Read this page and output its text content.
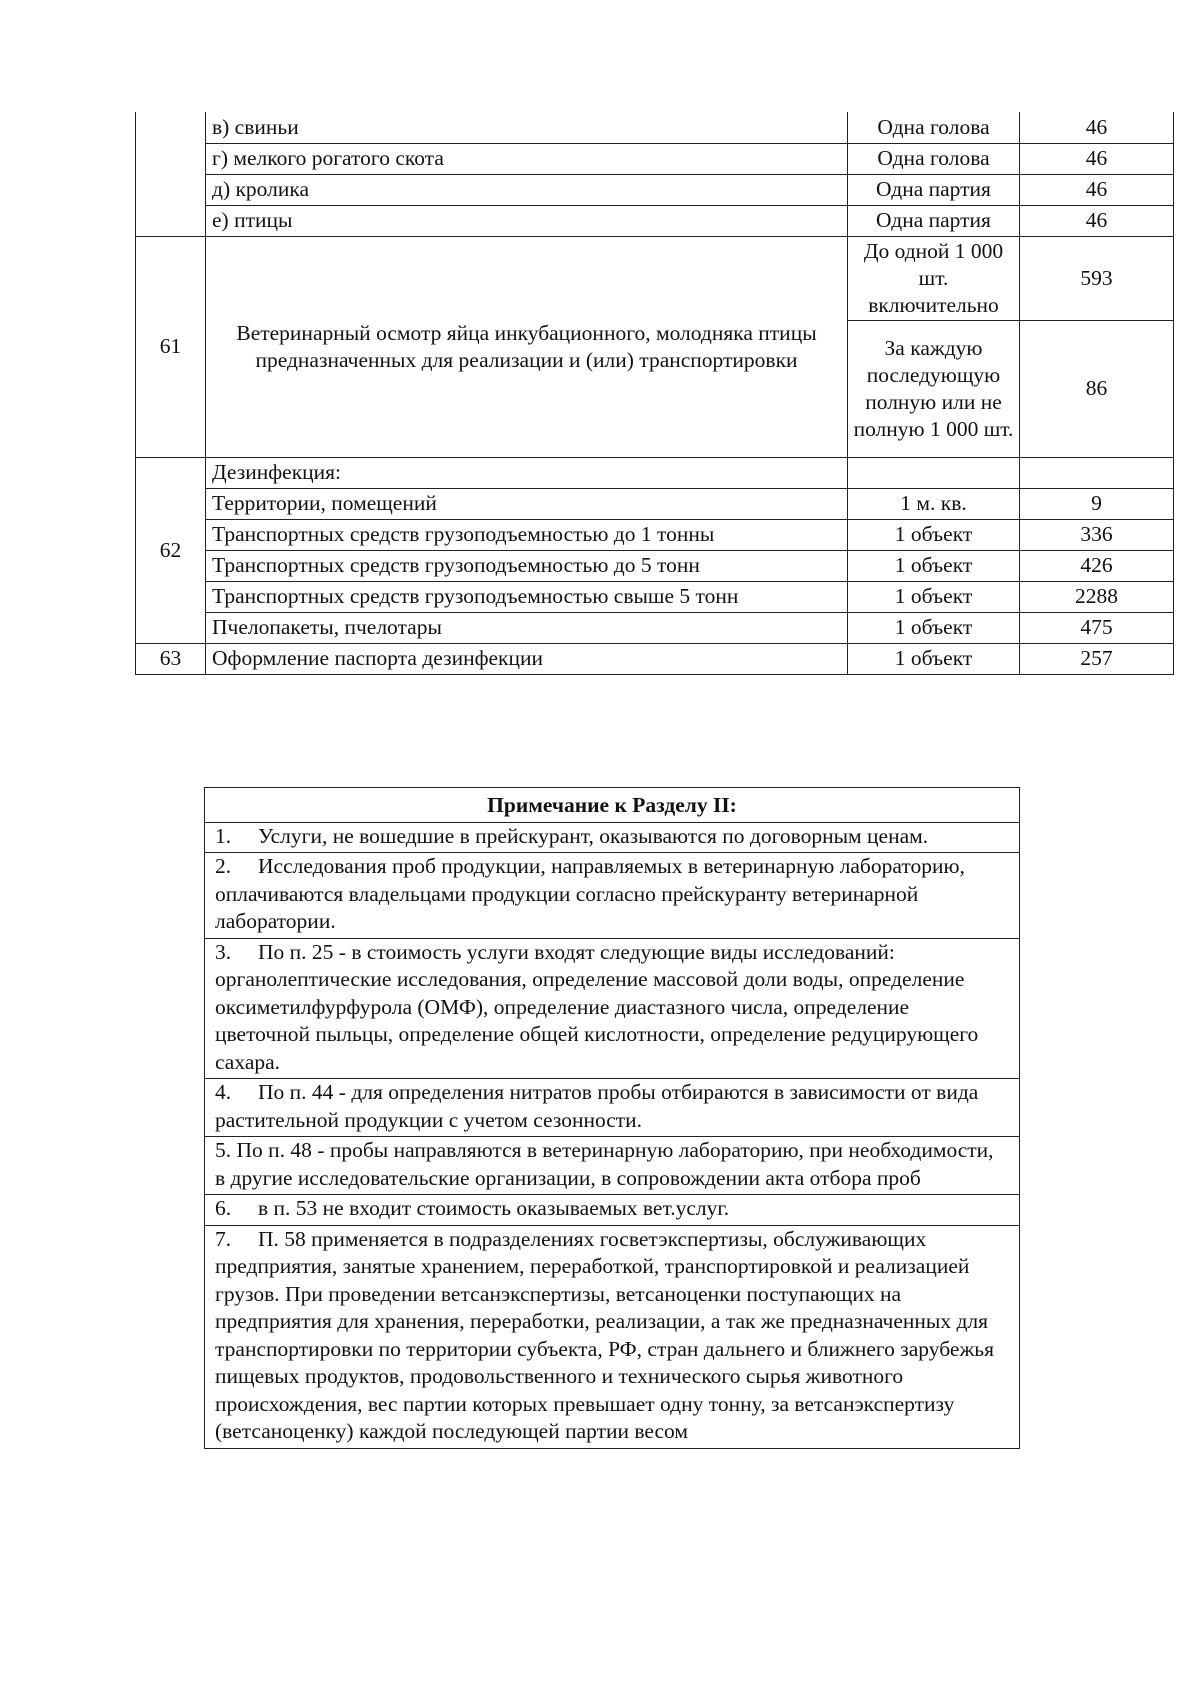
	в) свиньи	Одна голова	46
	г) мелкого рогатого скота	Одна голова	46
	д) кролика	Одна партия	46
	е) птицы	Одна партия	46
61	Ветеринарный осмотр яйца инкубационного, молодняка птицы предназначенных для реализации и (или) транспортировки	До одной 1 000 шт. включительно	593
		За каждую последующую полную или не полную 1 000 шт.	86
62	Дезинфекция:		
	Территории, помещений	1 м. кв.	9
	Транспортных средств грузоподъемностью до 1 тонны	1 объект	336
	Транспортных средств грузоподъемностью до 5 тонн	1 объект	426
	Транспортных средств грузоподъемностью свыше 5 тонн	1 объект	2288
	Пчелопакеты, пчелотары	1 объект	475
63	Оформление паспорта дезинфекции	1 объект	257
Примечание к Разделу II:
1.     Услуги, не вошедшие в прейскурант, оказываются по договорным ценам.
2.     Исследования проб продукции, направляемых в ветеринарную лабораторию, оплачиваются владельцами продукции согласно прейскуранту ветеринарной лаборатории.
3.     По п. 25 - в стоимость услуги входят следующие виды исследований: органолептические исследования, определение массовой доли воды, определение оксиметилфурфурола (ОМФ), определение диастазного числа, определение цветочной пыльцы, определение общей кислотности, определение редуцирующего сахара.
4.     По п. 44 - для определения нитратов пробы отбираются в зависимости от вида растительной продукции с учетом сезонности.
5. По п. 48 - пробы направляются в ветеринарную лабораторию, при необходимости, в другие исследовательские организации, в сопровождении акта отбора проб
6.     в п. 53 не входит стоимость оказываемых вет.услуг.
7.     П. 58 применяется в подразделениях госветэкспертизы, обслуживающих предприятия, занятые хранением, переработкой, транспортировкой и реализацией грузов. При проведении ветсанэкспертизы, ветсаноценки поступающих на предприятия для хранения, переработки, реализации, а так же предназначенных для транспортировки по территории субъекта, РФ, стран дальнего и ближнего зарубежья пищевых продуктов, продовольственного и технического сырья животного происхождения, вес партии которых превышает одну тонну, за ветсанэкспертизу (ветсаноценку) каждой последующей партии весом
